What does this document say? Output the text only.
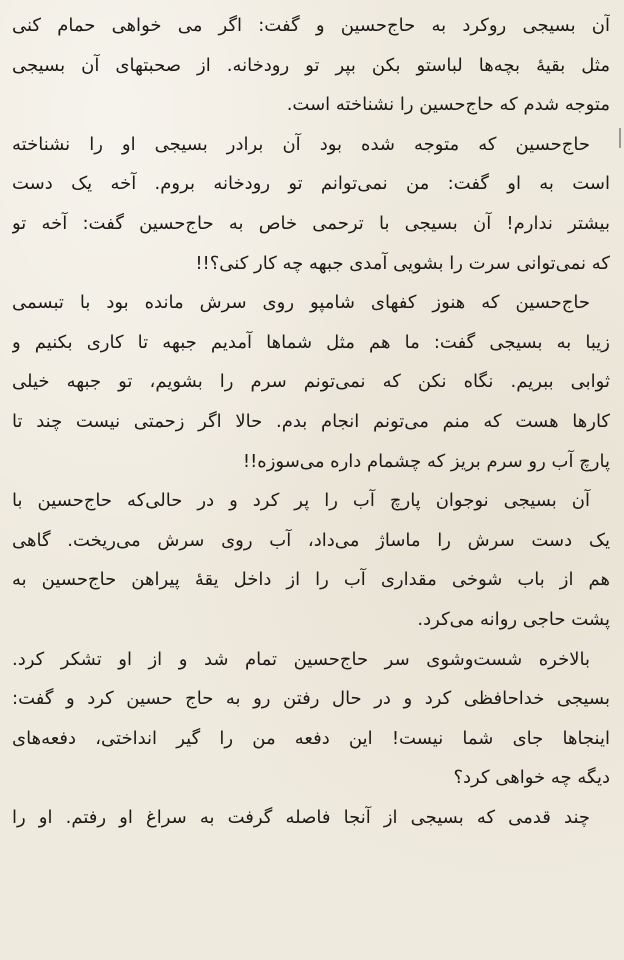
آن بسیجی روکرد به حاج‌حسین و گفت: اگر می خواهی حمام کنی
مثل بقیهٔ بچه‌ها لباستو بکن بپر تو رودخانه. از صحبتهای آن بسیجی
متوجه شدم که حاج‌حسین را نشناخته است.
حاج‌حسین که متوجه شده بود آن برادر بسیجی او را نشناخته
است به او گفت: من نمی‌توانم تو رودخانه بروم. آخه یک دست
بیشتر ندارم! آن بسیجی با ترحمی خاص به حاج‌حسین گفت: آخه تو
که نمی‌توانی سرت را بشویی آمدی جبهه چه کار کنی؟!!
حاج‌حسین که هنوز کفهای شامپو روی سرش مانده بود با تبسمی
زیبا به بسیجی گفت: ما هم مثل شماها آمدیم جبهه تا کاری بکنیم و
ثوابی ببریم. نگاه نکن که نمی‌تونم سرم را بشویم، تو جبهه خیلی
کارها هست که منم می‌تونم انجام بدم. حالا اگر زحمتی نیست چند تا
پارچ آب رو سرم بریز که چشمام داره می‌سوزه!!
آن بسیجی نوجوان پارچ آب را پر کرد و در حالی‌که حاج‌حسین با
یک دست سرش را ماساژ می‌داد، آب روی سرش می‌ریخت. گاهی
هم از باب شوخی مقداری آب را از داخل یقهٔ پیراهن حاج‌حسین به
پشت حاجی روانه می‌کرد.
بالاخره شست‌وشوی سر حاج‌حسین تمام شد و از او تشکر کرد.
بسیجی خداحافظی کرد و در حال رفتن رو به حاج حسین کرد و گفت:
اینجاها جای شما نیست! این دفعه من را گیر انداختی، دفعه‌های
دیگه چه خواهی کرد؟
چند قدمی که بسیجی از آنجا فاصله گرفت به سراغ او رفتم. او را
